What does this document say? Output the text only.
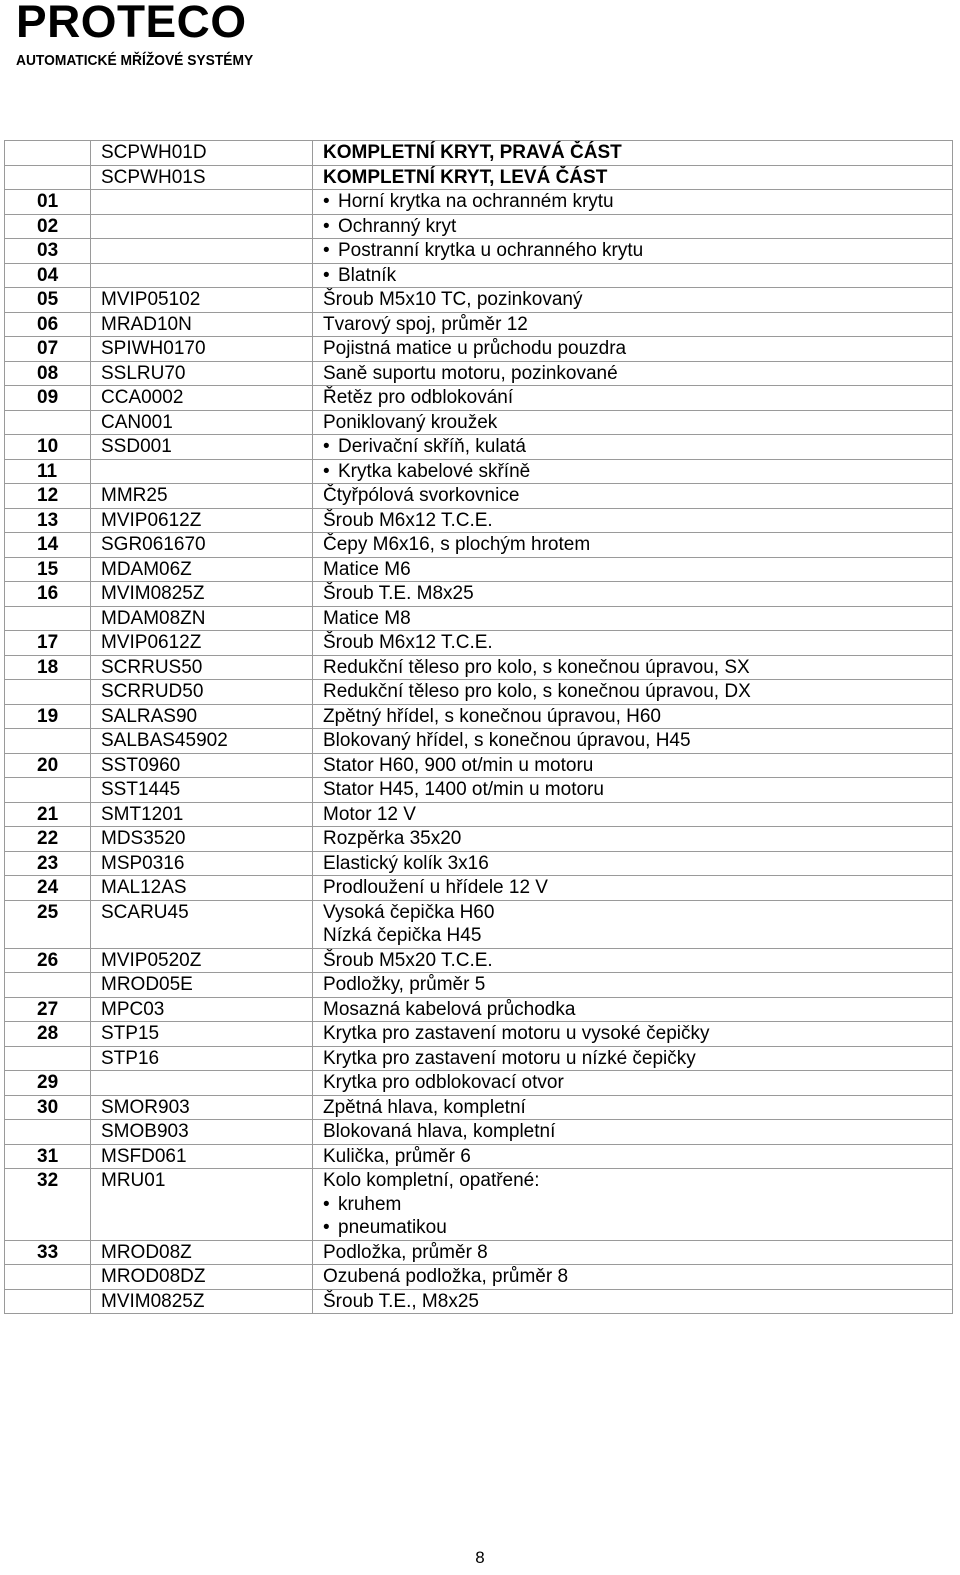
PROTECO
AUTOMATICKÉ MŘÍŽOVÉ SYSTÉMY
	SCPWH01D	KOMPLETNÍ KRYT, PRAVÁ ČÁST

	SCPWH01S	KOMPLETNÍ KRYT, LEVÁ ČÁST

01		• Horní krytka na ochranném krytu

02		• Ochranný kryt

03		• Postranní krytka u ochranného krytu

04		• Blatník

05	MVIP05102	Šroub M5x10 TC, pozinkovaný

06	MRAD10N	Tvarový spoj, průměr 12

07	SPIWH0170	Pojistná matice u průchodu pouzdra

08	SSLRU70	Saně suportu motoru, pozinkované

09	CCA0002	Řetěz pro odblokování

	CAN001	Poniklovaný kroužek

10	SSD001	• Derivační skříň, kulatá

11		• Krytka kabelové skříně

12	MMR25	Čtyřpólová svorkovnice

13	MVIP0612Z	Šroub M6x12 T.C.E.

14	SGR061670	Čepy M6x16, s plochým hrotem

15	MDAM06Z	Matice M6

16	MVIM0825Z	Šroub T.E. M8x25

	MDAM08ZN	Matice M8

17	MVIP0612Z	Šroub M6x12 T.C.E.

18	SCRRUS50	Redukční těleso pro kolo, s konečnou úpravou, SX

	SCRRUD50	Redukční těleso pro kolo, s konečnou úpravou, DX

19	SALRAS90	Zpětný hřídel, s konečnou úpravou, H60

	SALBAS45902	Blokovaný hřídel, s konečnou úpravou, H45

20	SST0960	Stator H60, 900 ot/min u motoru

	SST1445	Stator H45, 1400 ot/min u motoru

21	SMT1201	Motor 12 V

22	MDS3520	Rozpěrka 35x20

23	MSP0316	Elastický kolík 3x16

24	MAL12AS	Prodloužení u hřídele 12 V

25	SCARU45	Vysoká čepička H60
Nízká čepička H45

26	MVIP0520Z	Šroub M5x20 T.C.E.

	MROD05E	Podložky, průměr 5

27	MPC03	Mosazná kabelová průchodka

28	STP15	Krytka pro zastavení motoru u vysoké čepičky

	STP16	Krytka pro zastavení motoru u nízké čepičky

29		Krytka pro odblokovací otvor

30	SMOR903	Zpětná hlava, kompletní

	SMOB903	Blokovaná hlava, kompletní

31	MSFD061	Kulička, průměr 6

32	MRU01	Kolo kompletní, opatřené:
• kruhem
• pneumatikou

33	MROD08Z	Podložka, průměr 8

	MROD08DZ	Ozubená podložka, průměr 8

	MVIM0825Z	Šroub T.E., M8x25
8
